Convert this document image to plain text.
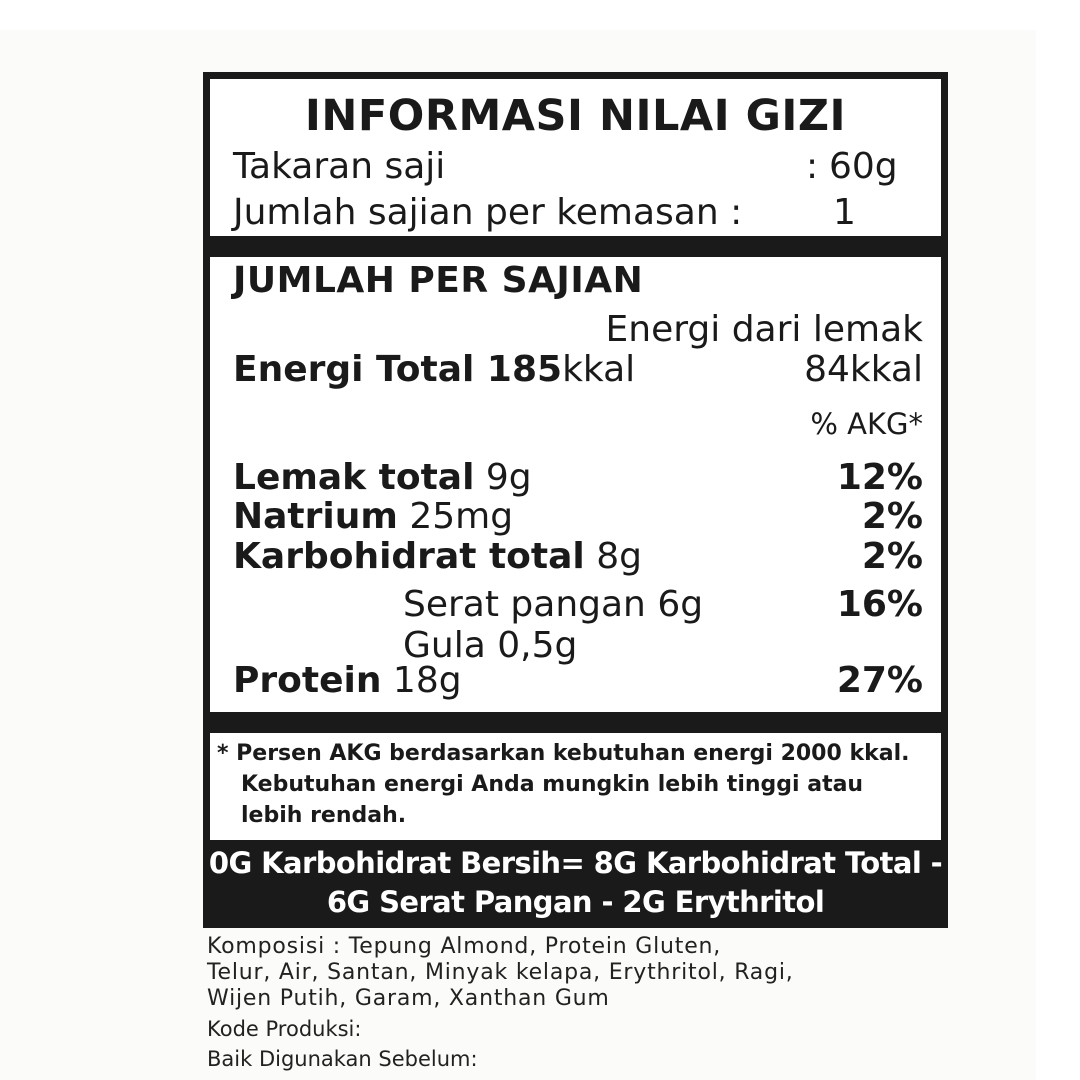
INFORMASI NILAI GIZI
Takaran saji	: 60g
Jumlah sajian per kemasan :	1
JUMLAH PER SAJIAN
Energi dari lemak
Energi Total 185kkal	84kkal
% AKG*
Lemak total 9g	12%
Natrium 25mg	2%
Karbohidrat total 8g	2%
Serat pangan 6g	16%
Gula 0,5g
Protein 18g	27%
* Persen AKG berdasarkan kebutuhan energi 2000 kkal.
Kebutuhan energi Anda mungkin lebih tinggi atau
lebih rendah.
0G Karbohidrat Bersih= 8G Karbohidrat Total -
6G Serat Pangan - 2G Erythritol
Komposisi : Tepung Almond, Protein Gluten,
Telur, Air, Santan, Minyak kelapa, Erythritol, Ragi,
Wijen Putih, Garam, Xanthan Gum
Kode Produksi:
Baik Digunakan Sebelum:
